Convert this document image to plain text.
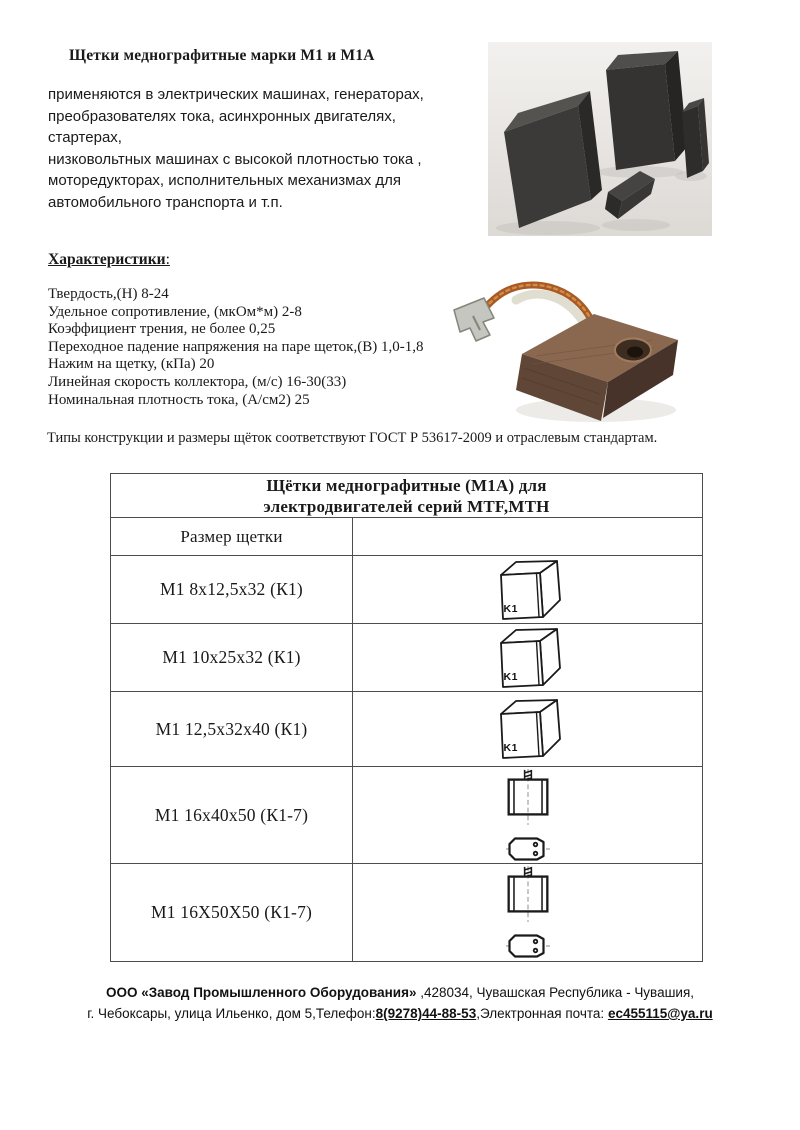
Щетки меднографитные марки М1 и М1А
применяются в электрических машинах, генераторах,
преобразователях тока, асинхронных двигателях, стартерах,
низковольтных машинах с высокой плотностью тока ,
моторедукторах, исполнительных механизмах для
автомобильного транспорта и т.п.
Характеристики:
Твердость,(Н) 8-24
Удельное сопротивление, (мкОм*м) 2-8
Коэффициент трения, не более 0,25
Переходное падение напряжения на паре щеток,(В) 1,0-1,8
Нажим на щетку, (кПа) 20
Линейная скорость коллектора, (м/с) 16-30(33)
Номинальная плотность тока, (А/см2) 25
Типы конструкции и размеры щёток соответствуют ГОСТ Р 53617-2009 и отраслевым стандартам.
Щётки меднографитные (М1А) для
электродвигателей серий MTF,МТН
Размер щетки
М1 8x12,5x32 (К1)
K1
М1 10x25x32 (К1)
K1
М1 12,5x32x40 (К1)
K1
М1 16x40x50 (К1-7)
М1 16X50X50 (К1-7)
ООО «Завод Промышленного Оборудования» ,428034, Чувашская Республика - Чувашия,
г. Чебоксары, улица Ильенко, дом 5,Телефон:8(9278)44-88-53,Электронная почта: ec455115@ya.ru
